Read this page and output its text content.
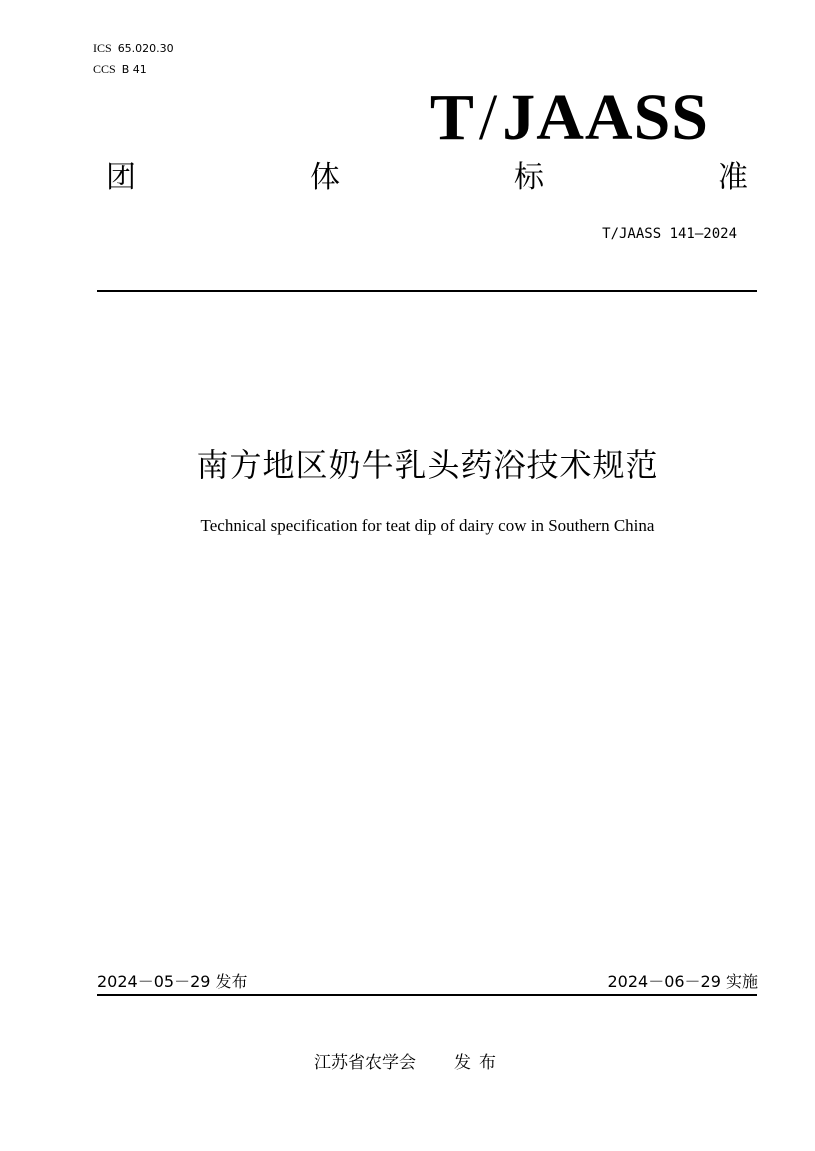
ICS 65.020.30
CCS B 41
T/JAASS
团	体	标	准
T/JAASS 141—2024
南方地区奶牛乳头药浴技术规范
Technical specification for teat dip of dairy cow in Southern China
2024－05－29 发布	2024－06－29 实施
江苏省农学会 发布
